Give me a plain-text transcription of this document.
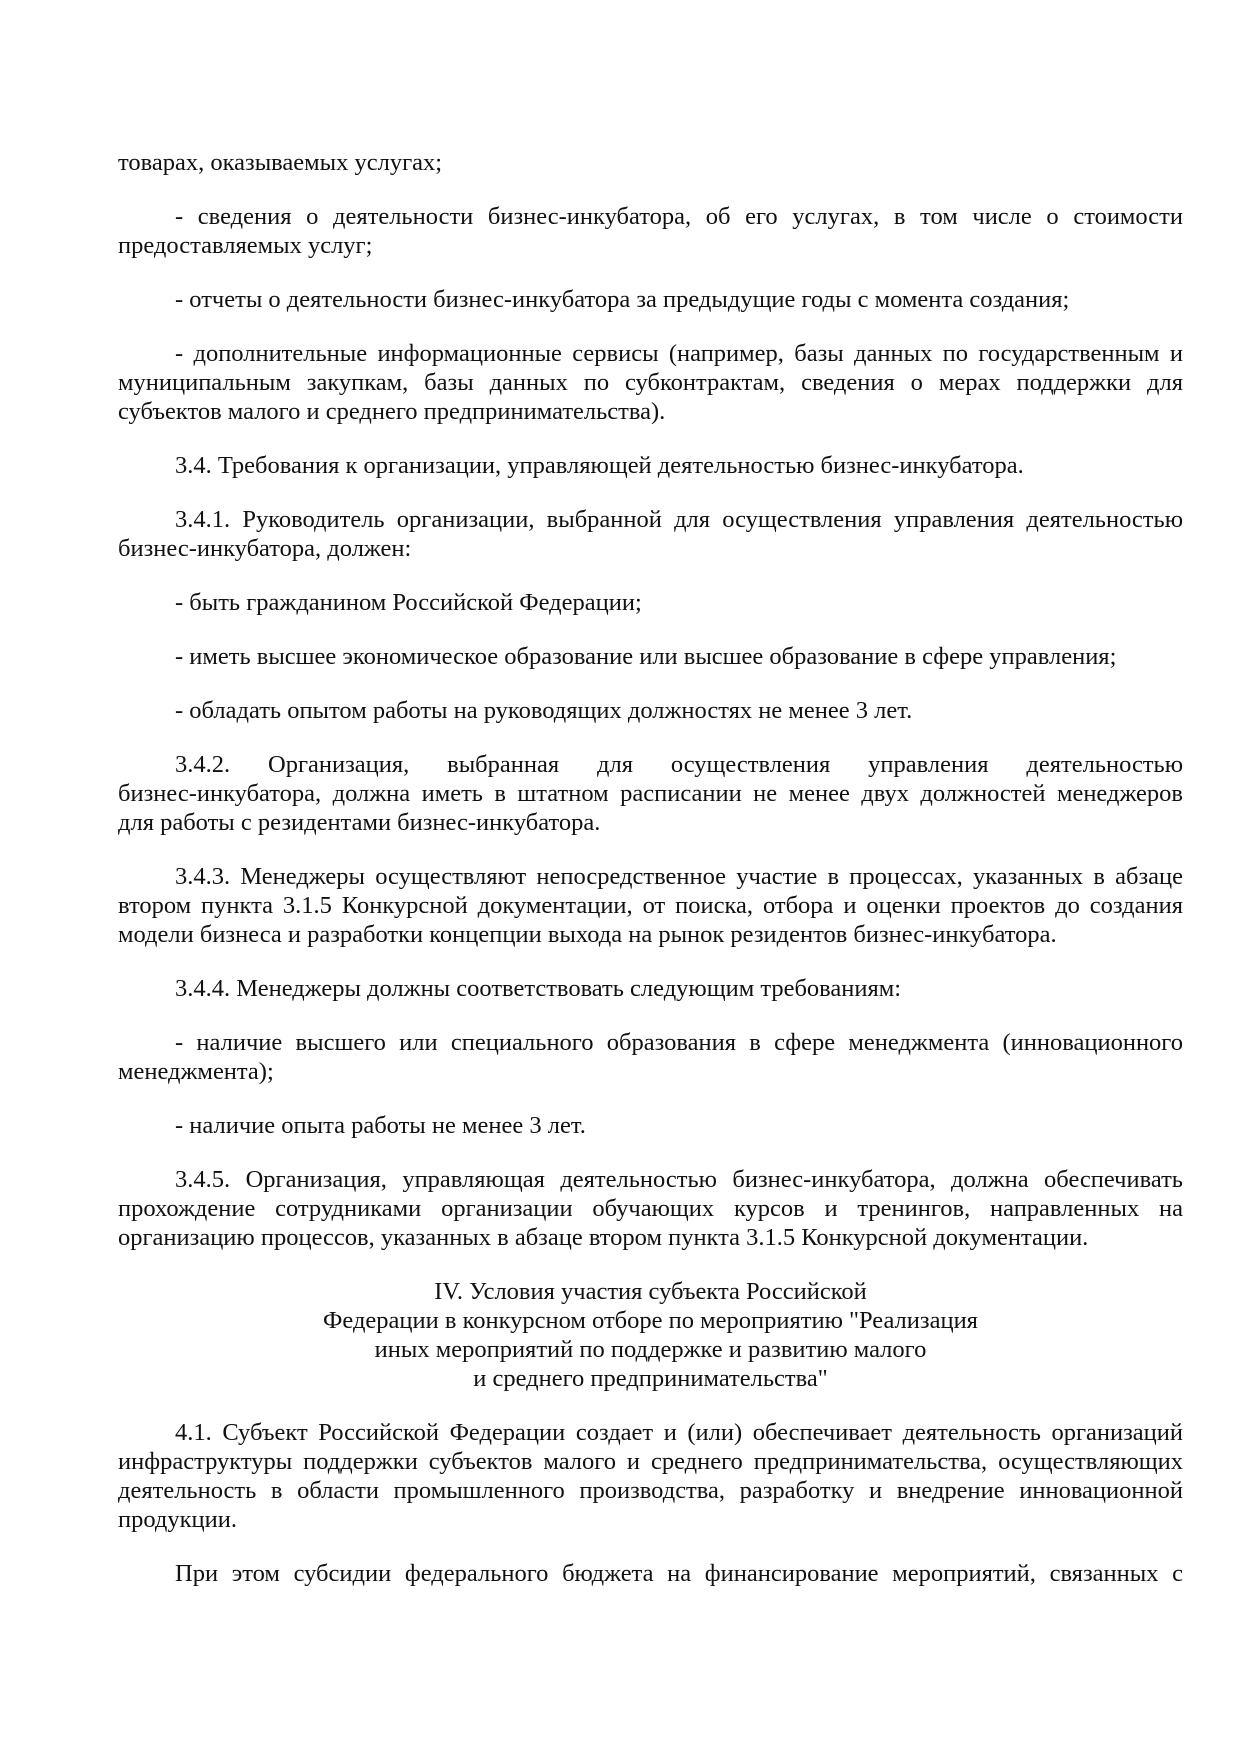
товарах, оказываемых услугах;
- сведения о деятельности бизнес-инкубатора, об его услугах, в том числе о стоимости
предоставляемых услуг;
- отчеты о деятельности бизнес-инкубатора за предыдущие годы с момента создания;
- дополнительные информационные сервисы (например, базы данных по государственным и
муниципальным закупкам, базы данных по субконтрактам, сведения о мерах поддержки для
субъектов малого и среднего предпринимательства).
3.4. Требования к организации, управляющей деятельностью бизнес-инкубатора.
3.4.1. Руководитель организации, выбранной для осуществления управления деятельностью
бизнес-инкубатора, должен:
- быть гражданином Российской Федерации;
- иметь высшее экономическое образование или высшее образование в сфере управления;
- обладать опытом работы на руководящих должностях не менее 3 лет.
3.4.2. Организация, выбранная для осуществления управления деятельностью
бизнес-инкубатора, должна иметь в штатном расписании не менее двух должностей менеджеров
для работы с резидентами бизнес-инкубатора.
3.4.3. Менеджеры осуществляют непосредственное участие в процессах, указанных в абзаце
втором пункта 3.1.5 Конкурсной документации, от поиска, отбора и оценки проектов до создания
модели бизнеса и разработки концепции выхода на рынок резидентов бизнес-инкубатора.
3.4.4. Менеджеры должны соответствовать следующим требованиям:
- наличие высшего или специального образования в сфере менеджмента (инновационного
менеджмента);
- наличие опыта работы не менее 3 лет.
3.4.5. Организация, управляющая деятельностью бизнес-инкубатора, должна обеспечивать
прохождение сотрудниками организации обучающих курсов и тренингов, направленных на
организацию процессов, указанных в абзаце втором пункта 3.1.5 Конкурсной документации.
IV. Условия участия субъекта Российской
Федерации в конкурсном отборе по мероприятию "Реализация
иных мероприятий по поддержке и развитию малого
и среднего предпринимательства"
4.1. Субъект Российской Федерации создает и (или) обеспечивает деятельность организаций
инфраструктуры поддержки субъектов малого и среднего предпринимательства, осуществляющих
деятельность в области промышленного производства, разработку и внедрение инновационной
продукции.
При этом субсидии федерального бюджета на финансирование мероприятий, связанных с
